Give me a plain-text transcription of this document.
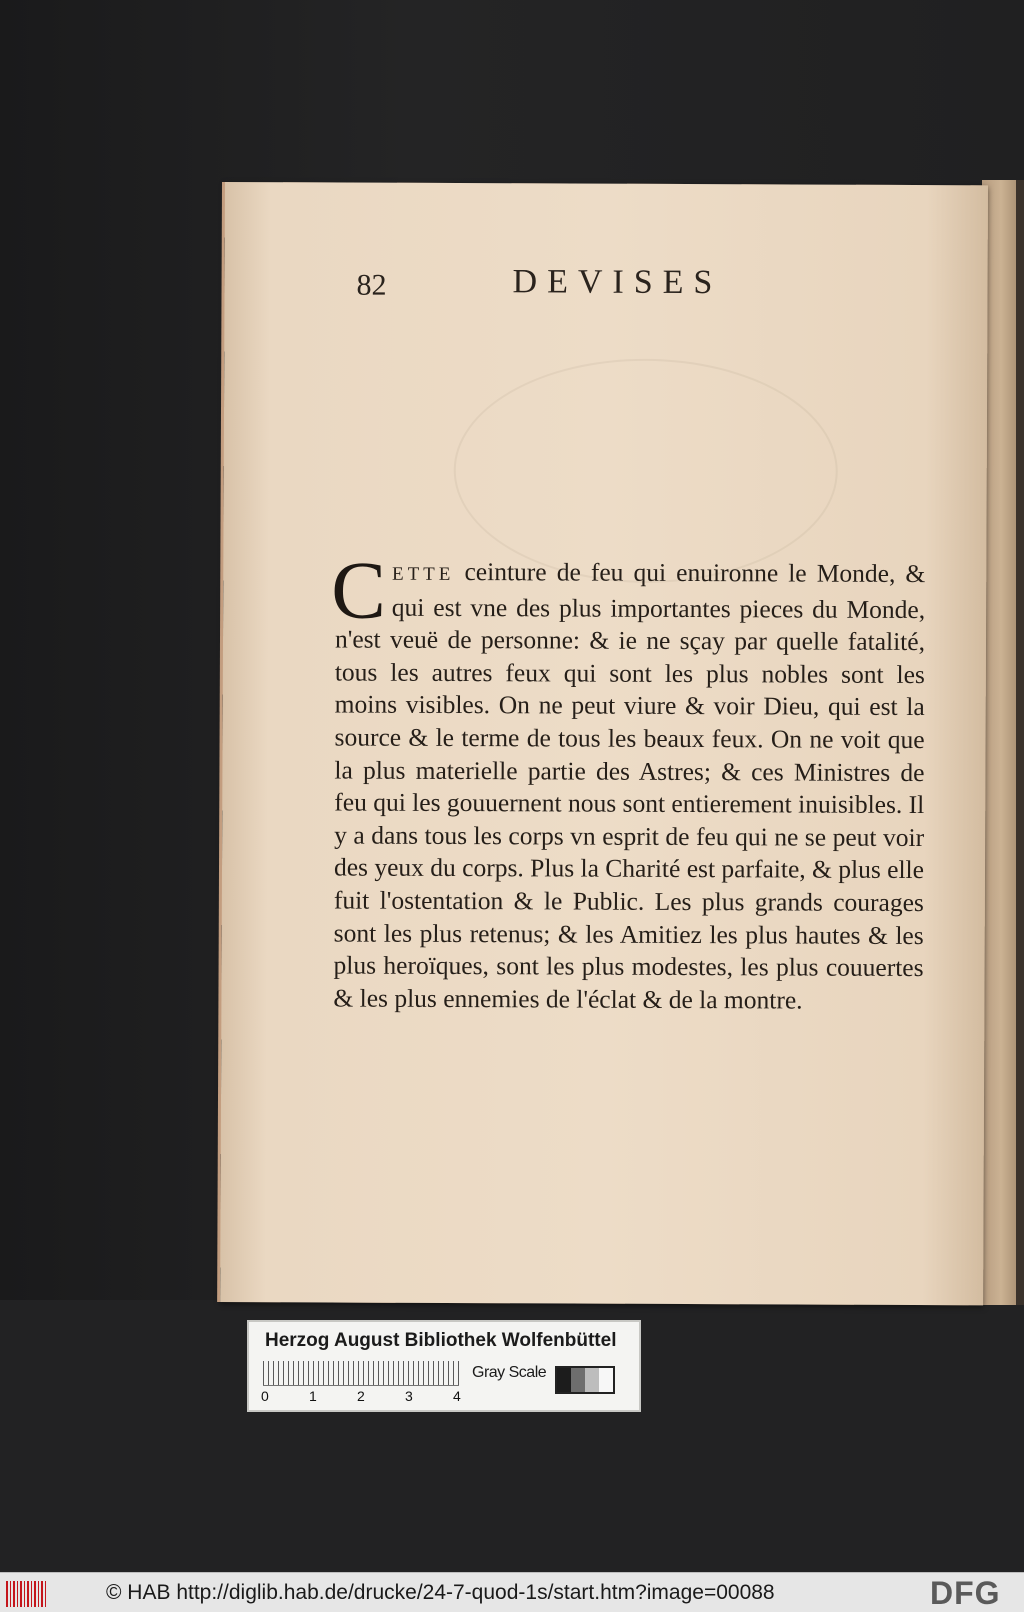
82	DEVISES
CETTE ceinture de feu qui enuironne le Monde, & qui est vne des plus importantes pieces du Monde, n'est veuë de personne: & ie ne sçay par quelle fatalité, tous les autres feux qui sont les plus nobles sont les moins visibles. On ne peut viure & voir Dieu, qui est la source & le terme de tous les beaux feux. On ne voit que la plus materielle partie des Astres; & ces Ministres de feu qui les gouuernent nous sont entierement inuisibles. Il y a dans tous les corps vn esprit de feu qui ne se peut voir des yeux du corps. Plus la Charité est parfaite, & plus elle fuit l'ostentation & le Public. Les plus grands courages sont les plus retenus; & les Amitiez les plus hautes & les plus heroïques, sont les plus modestes, les plus couuertes & les plus ennemies de l'éclat & de la montre.
Herzog August Bibliothek Wolfenbüttel
0	1	2	3	4
Gray Scale
© HAB http://diglib.hab.de/drucke/24-7-quod-1s/start.htm?image=00088	DFG
